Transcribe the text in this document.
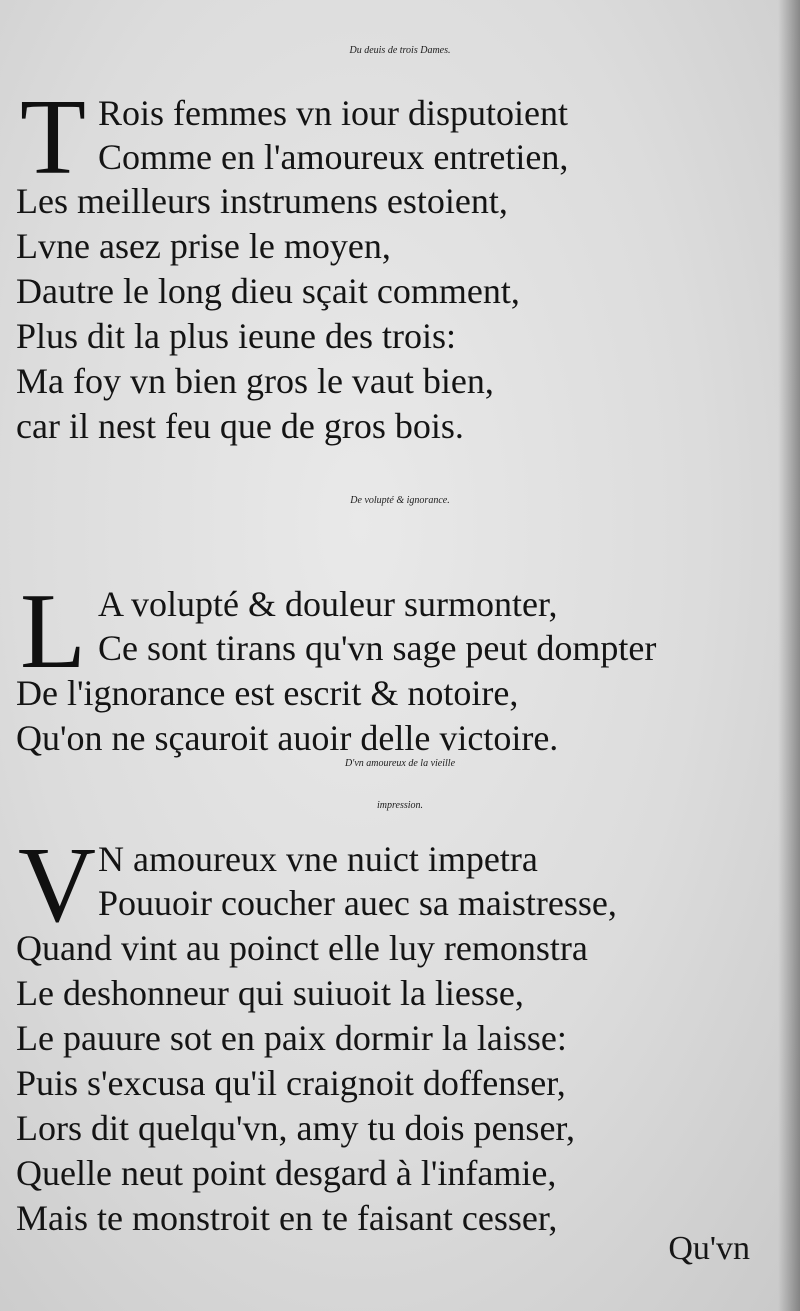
Du deuis de trois Dames.
T Rois femmes vn iour disputoient
Comme en l'amoureux entretien,
Les meilleurs instrumens estoient,
Lvne asez prise le moyen,
Dautre le long dieu sçait comment,
Plus dit la plus ieune des trois:
Ma foy vn bien gros le vaut bien,
car il nest feu que de gros bois.
De volupté & ignorance.
L A volupté & douleur surmonter,
Ce sont tirans qu'vn sage peut dompter
De l'ignorance est escrit & notoire,
Qu'on ne sçauroit auoir delle victoire.
D'vn amoureux de la vieille
impression.
V N amoureux vne nuict impetra
Pouuoir coucher auec sa maistresse,
Quand vint au poinct elle luy remonstra
Le deshonneur qui suiuoit la liesse,
Le pauure sot en paix dormir la laisse:
Puis s'excusa qu'il craignoit doffenser,
Lors dit quelqu'vn, amy tu dois penser,
Quelle neut point desgard à l'infamie,
Mais te monstroit en te faisant cesser,
Qu'vn
